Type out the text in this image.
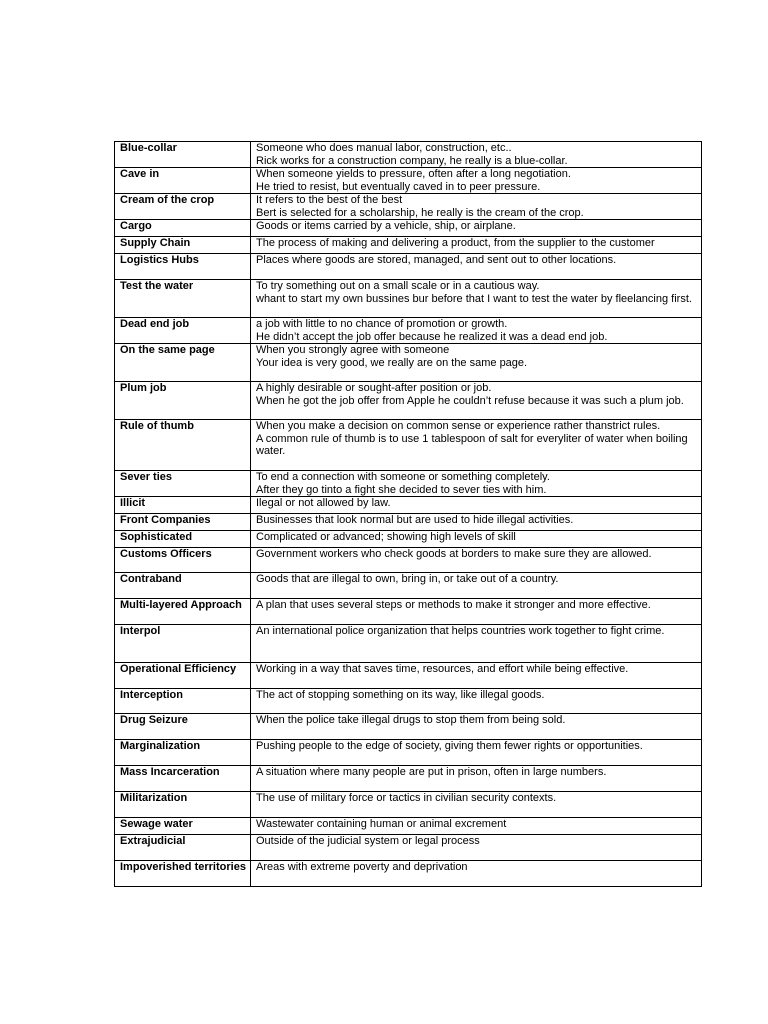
Blue-collar	Someone who does manual labor, construction, etc..
Rick works for a construction company, he really is a blue-collar.

Cave in	When someone yields to pressure, often after a long negotiation.
He tried to resist, but eventually caved in to peer pressure.

Cream of the crop	It refers to the best of the best
Bert is selected for a scholarship, he really is the cream of the crop.

Cargo	Goods or items carried by a vehicle, ship, or airplane.

Supply Chain	The process of making and delivering a product, from the supplier to the customer

Logistics Hubs	Places where goods are stored, managed, and sent out to other locations.

Test the water	To try something out on a small scale or in a cautious way.
whant to start my own bussines bur before that I want to test the water by fleelancing first.

Dead end job	a job with little to no chance of promotion or growth.
He didn’t accept the job offer because he realized it was a dead end job.

On the same page	When you strongly agree with someone
Your idea is very good, we really are on the same page.

Plum job	A highly desirable or sought-after position or job.
When he got the job offer from Apple he couldn’t refuse because it was such a plum job.

Rule of thumb	When you make a decision on common sense or experience rather thanstrict rules.
A common rule of thumb is to use 1 tablespoon of salt for everyliter of water when boiling water.

Sever ties	To end a connection with someone or something completely.
After they go tinto a fight she decided to sever ties with him.

Illicit	Ilegal or not allowed by law.

Front Companies	Businesses that look normal but are used to hide illegal activities.

Sophisticated	Complicated or advanced; showing high levels of skill

Customs Officers	Government workers who check goods at borders to make sure they are allowed.

Contraband	Goods that are illegal to own, bring in, or take out of a country.

Multi-layered Approach	A plan that uses several steps or methods to make it stronger and more effective.

Interpol	An international police organization that helps countries work together to fight crime.

Operational Efficiency	Working in a way that saves time, resources, and effort while being effective.

Interception	The act of stopping something on its way, like illegal goods.

Drug Seizure	When the police take illegal drugs to stop them from being sold.

Marginalization	Pushing people to the edge of society, giving them fewer rights or opportunities.

Mass Incarceration	A situation where many people are put in prison, often in large numbers.

Militarization	The use of military force or tactics in civilian security contexts.

Sewage water	Wastewater containing human or animal excrement

Extrajudicial	Outside of the judicial system or legal process

Impoverished territories	Areas with extreme poverty and deprivation
